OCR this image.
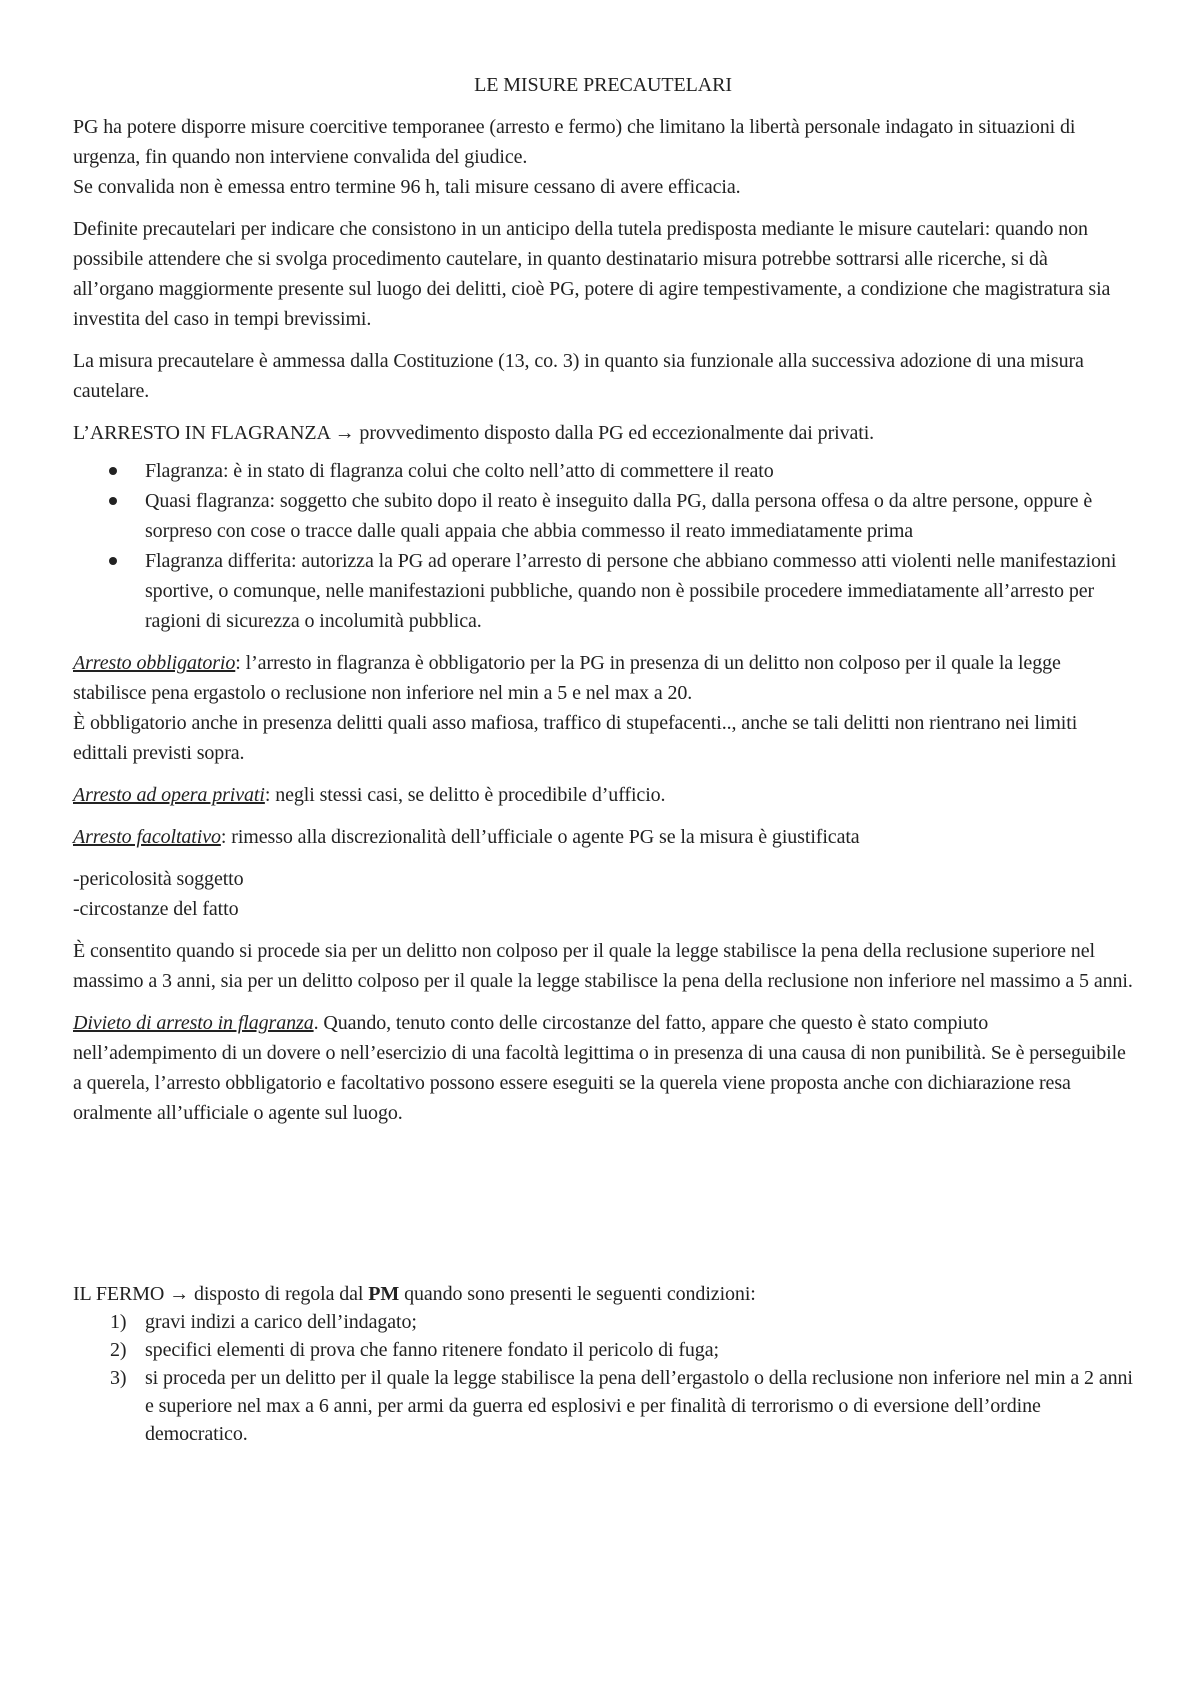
LE MISURE PRECAUTELARI

PG ha potere disporre misure coercitive temporanee (arresto e fermo) che limitano la libertà personale indagato in situazioni di urgenza, fin quando non interviene convalida del giudice.
Se convalida non è emessa entro termine 96 h, tali misure cessano di avere efficacia.

Definite precautelari per indicare che consistono in un anticipo della tutela predisposta mediante le misure cautelari: quando non possibile attendere che si svolga procedimento cautelare, in quanto destinatario misura potrebbe sottrarsi alle ricerche, si dà all’organo maggiormente presente sul luogo dei delitti, cioè PG, potere di agire tempestivamente, a condizione che magistratura sia investita del caso in tempi brevissimi.

La misura precautelare è ammessa dalla Costituzione (13, co. 3) in quanto sia funzionale alla successiva adozione di una misura cautelare.

L’ARRESTO IN FLAGRANZA → provvedimento disposto dalla PG ed eccezionalmente dai privati.

Flagranza: è in stato di flagranza colui che colto nell’atto di commettere il reato
Quasi flagranza: soggetto che subito dopo il reato è inseguito dalla PG, dalla persona offesa o da altre persone, oppure è sorpreso con cose o tracce dalle quali appaia che abbia commesso il reato immediatamente prima
Flagranza differita: autorizza la PG ad operare l’arresto di persone che abbiano commesso atti violenti nelle manifestazioni sportive, o comunque, nelle manifestazioni pubbliche, quando non è possibile procedere immediatamente all’arresto per ragioni di sicurezza o incolumità pubblica.

Arresto obbligatorio: l’arresto in flagranza è obbligatorio per la PG in presenza di un delitto non colposo per il quale la legge stabilisce pena ergastolo o reclusione non inferiore nel min a 5 e nel max a 20.
È obbligatorio anche in presenza delitti quali asso mafiosa, traffico di stupefacenti.., anche se tali delitti non rientrano nei limiti edittali previsti sopra.

Arresto ad opera privati: negli stessi casi, se delitto è procedibile d’ufficio.

Arresto facoltativo: rimesso alla discrezionalità dell’ufficiale o agente PG se la misura è giustificata

-pericolosità soggetto
-circostanze del fatto

È consentito quando si procede sia per un delitto non colposo per il quale la legge stabilisce la pena della reclusione superiore nel massimo a 3 anni, sia per un delitto colposo per il quale la legge stabilisce la pena della reclusione non inferiore nel massimo a 5 anni.

Divieto di arresto in flagranza. Quando, tenuto conto delle circostanze del fatto, appare che questo è stato compiuto nell’adempimento di un dovere o nell’esercizio di una facoltà legittima o in presenza di una causa di non punibilità. Se è perseguibile a querela, l’arresto obbligatorio e facoltativo possono essere eseguiti se la querela viene proposta anche con dichiarazione resa oralmente all’ufficiale o agente sul luogo.

IL FERMO → disposto di regola dal PM quando sono presenti le seguenti condizioni:

1) gravi indizi a carico dell’indagato;
2) specifici elementi di prova che fanno ritenere fondato il pericolo di fuga;
3) si proceda per un delitto per il quale la legge stabilisce la pena dell’ergastolo o della reclusione non inferiore nel min a 2 anni e superiore nel max a 6 anni, per armi da guerra ed esplosivi e per finalità di terrorismo o di eversione dell’ordine democratico.
